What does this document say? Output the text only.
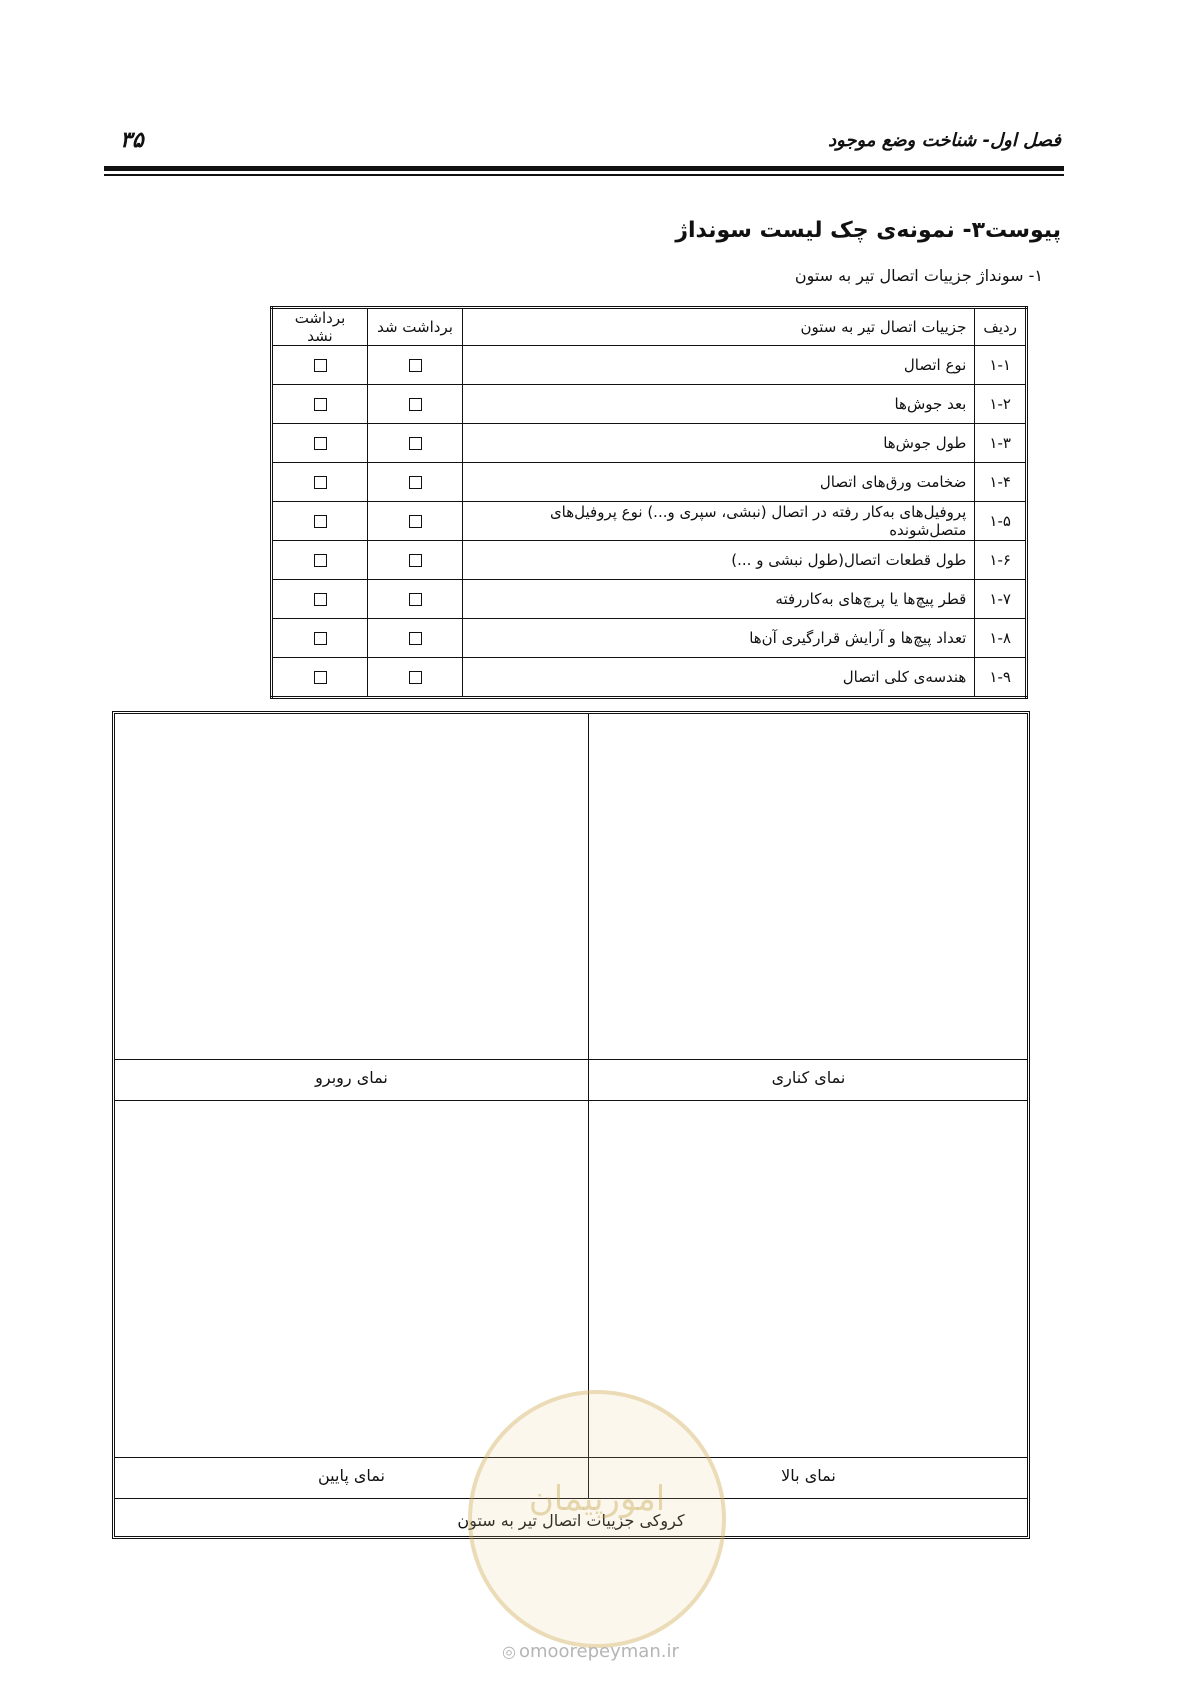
۳۵	فصل اول- شناخت وضع موجود
پیوست۳- نمونه‌ی چک لیست سونداژ
۱- سونداژ جزییات اتصال تیر به ستون
ردیف	جزییات اتصال تیر به ستون	برداشت شد	برداشت نشد
۱-۱	نوع اتصال		
۱-۲	بعد جوش‌ها		
۱-۳	طول جوش‌ها		
۱-۴	ضخامت ورق‌های اتصال		
۱-۵	پروفیل‌های به‌کار رفته در اتصال (نبشی، سپری و...) نوع پروفیل‌های متصل‌شونده		
۱-۶	طول قطعات اتصال(طول نبشی و ...)		
۱-۷	قطر پیچ‌ها یا پرچ‌های به‌کاررفته		
۱-۸	تعداد پیچ‌ها و آرایش قرارگیری آن‌ها		
۱-۹	هندسه‌ی کلی اتصال		
نمای کناری
نمای روبرو
نمای بالا
نمای پایین
کروکی جزییات اتصال تیر به ستون
امورپیمان
◎ omoorepeyman.ir
